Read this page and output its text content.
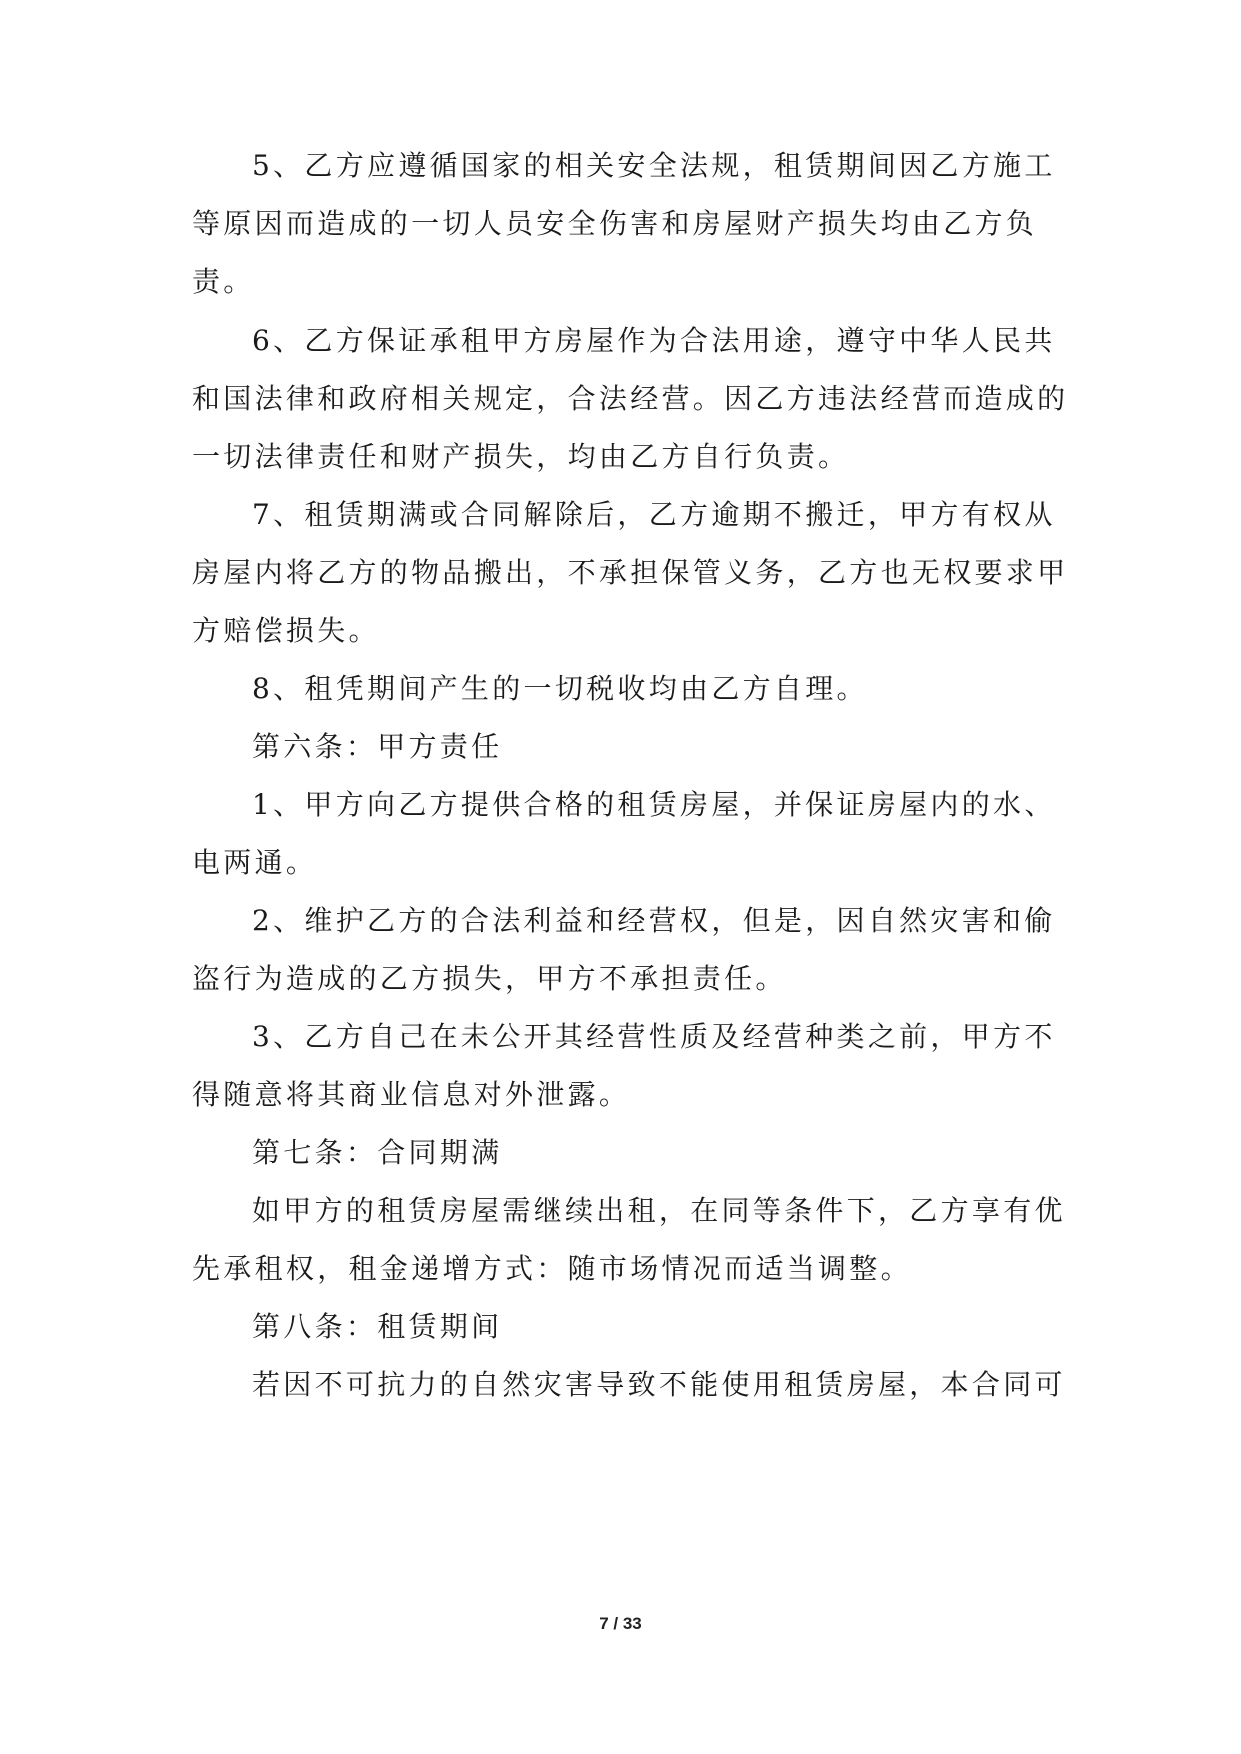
5、乙方应遵循国家的相关安全法规，租赁期间因乙方施工
等原因而造成的一切人员安全伤害和房屋财产损失均由乙方负
责。
6、乙方保证承租甲方房屋作为合法用途，遵守中华人民共
和国法律和政府相关规定，合法经营。因乙方违法经营而造成的
一切法律责任和财产损失，均由乙方自行负责。
7、租赁期满或合同解除后，乙方逾期不搬迁，甲方有权从
房屋内将乙方的物品搬出，不承担保管义务，乙方也无权要求甲
方赔偿损失。
8、租凭期间产生的一切税收均由乙方自理。
第六条：甲方责任
1、甲方向乙方提供合格的租赁房屋，并保证房屋内的水、
电两通。
2、维护乙方的合法利益和经营权，但是，因自然灾害和偷
盗行为造成的乙方损失，甲方不承担责任。
3、乙方自己在未公开其经营性质及经营种类之前，甲方不
得随意将其商业信息对外泄露。
第七条：合同期满
如甲方的租赁房屋需继续出租，在同等条件下，乙方享有优
先承租权，租金递增方式：随市场情况而适当调整。
第八条：租赁期间
若因不可抗力的自然灾害导致不能使用租赁房屋，本合同可
7 / 33
